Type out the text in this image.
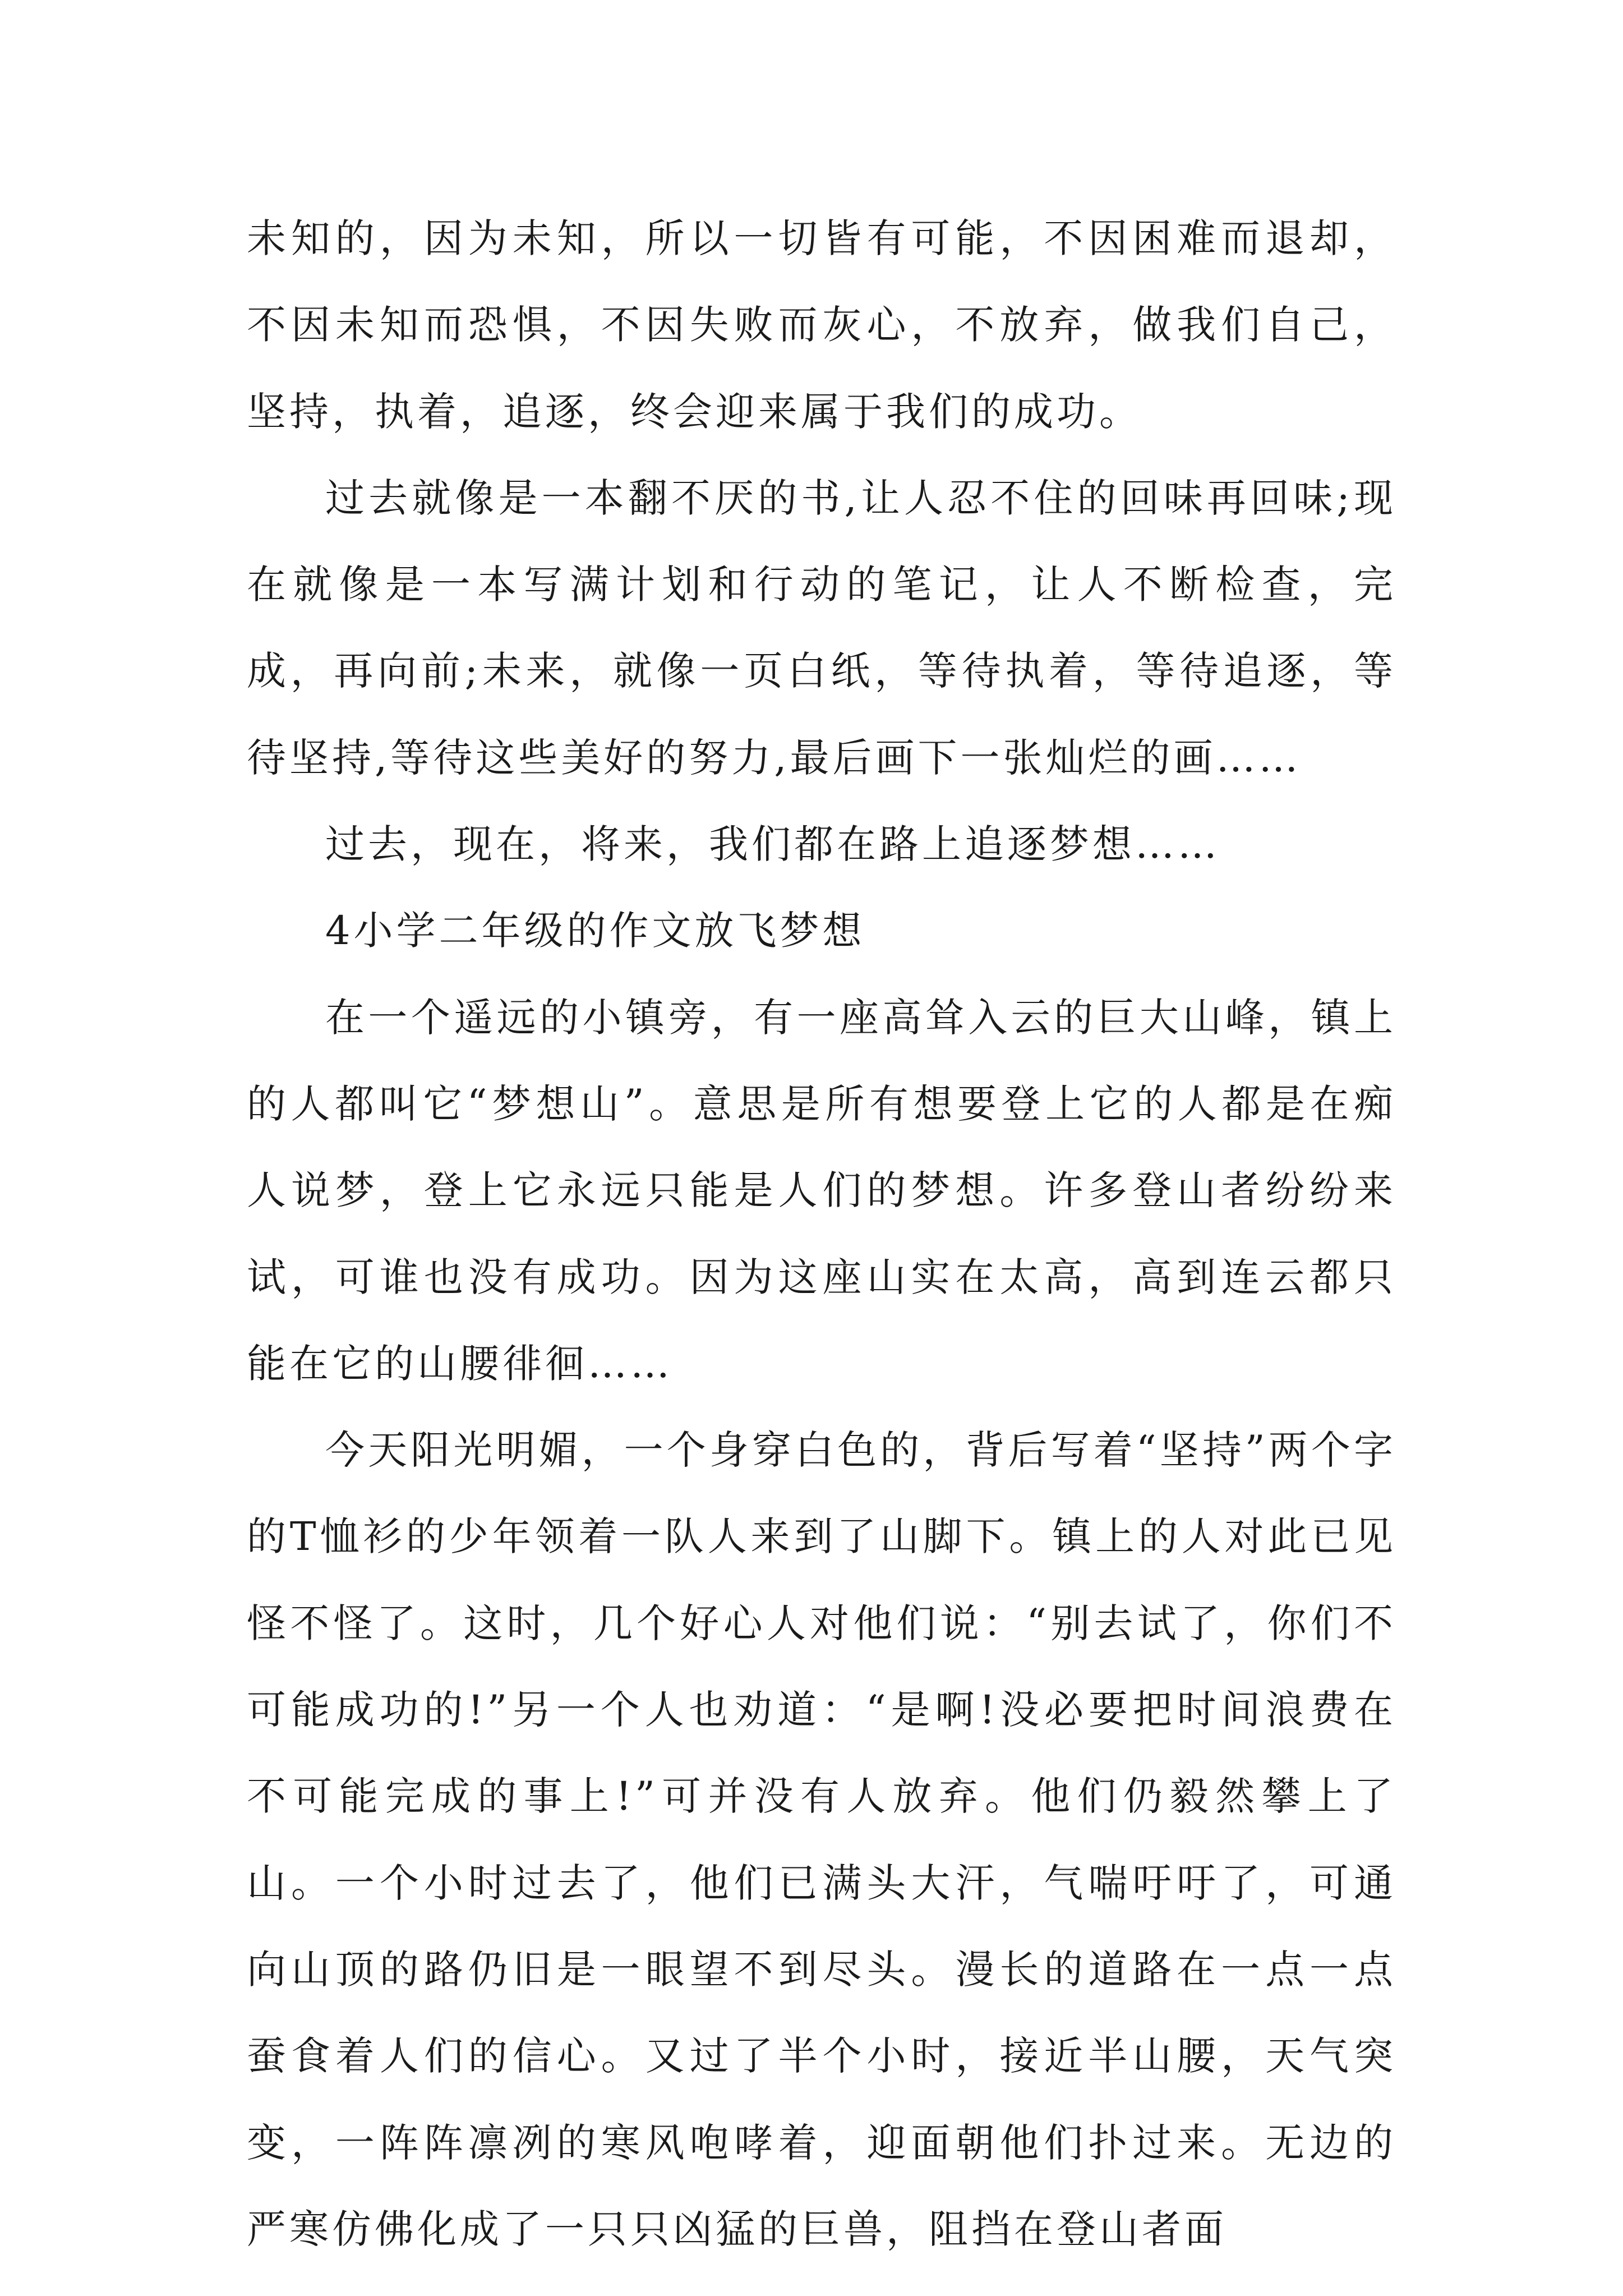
未知的，因为未知，所以一切皆有可能，不因困难而退却，不因未知而恐惧，不因失败而灰心，不放弃，做我们自己，坚持，执着，追逐，终会迎来属于我们的成功。

过去就像是一本翻不厌的书,让人忍不住的回味再回味;现在就像是一本写满计划和行动的笔记，让人不断检查，完成，再向前;未来，就像一页白纸，等待执着，等待追逐，等待坚持,等待这些美好的努力,最后画下一张灿烂的画……

过去，现在，将来，我们都在路上追逐梦想……

4小学二年级的作文放飞梦想

在一个遥远的小镇旁，有一座高耸入云的巨大山峰，镇上的人都叫它“梦想山”。意思是所有想要登上它的人都是在痴人说梦，登上它永远只能是人们的梦想。许多登山者纷纷来试，可谁也没有成功。因为这座山实在太高，高到连云都只能在它的山腰徘徊……

今天阳光明媚，一个身穿白色的，背后写着“坚持”两个字的T恤衫的少年领着一队人来到了山脚下。镇上的人对此已见怪不怪了。这时，几个好心人对他们说：“别去试了，你们不可能成功的!”另一个人也劝道：“是啊!没必要把时间浪费在不可能完成的事上!”可并没有人放弃。他们仍毅然攀上了山。一个小时过去了，他们已满头大汗，气喘吁吁了，可通向山顶的路仍旧是一眼望不到尽头。漫长的道路在一点一点蚕食着人们的信心。又过了半个小时，接近半山腰，天气突变，一阵阵凛冽的寒风咆哮着，迎面朝他们扑过来。无边的严寒仿佛化成了一只只凶猛的巨兽，阻挡在登山者面
